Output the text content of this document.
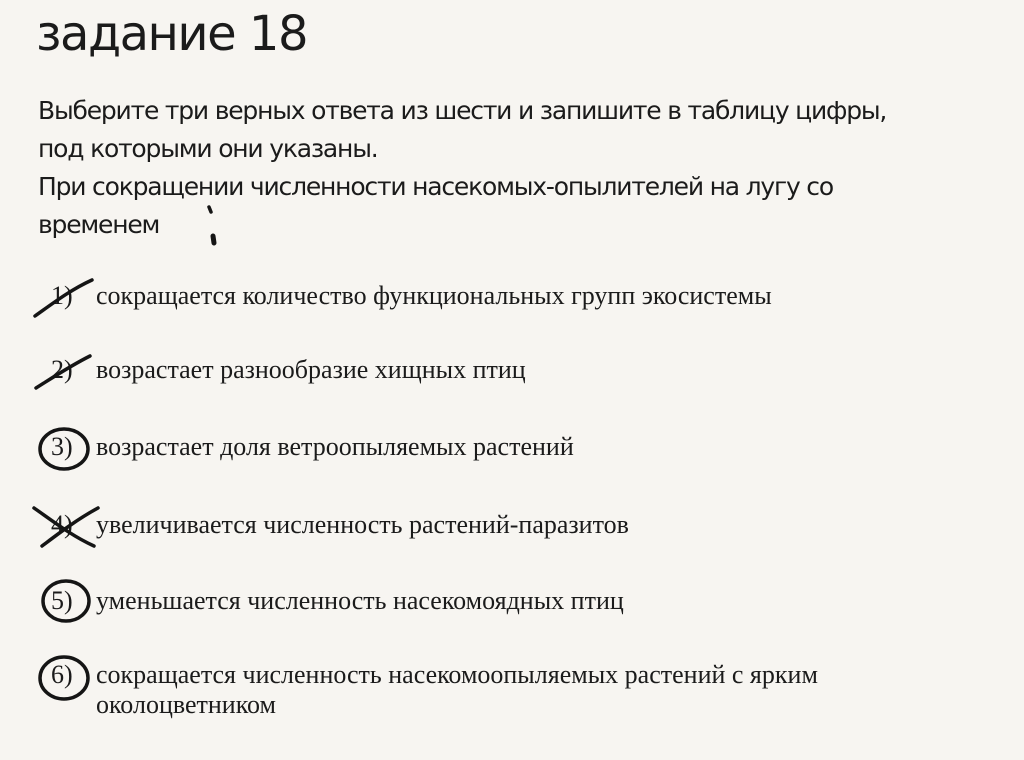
задание 18
Выберите три верных ответа из шести и запишите в таблицу цифры,
под которыми они указаны.
При сокращении численности насекомых-опылителей на лугу со
временем
1) сокращается количество функциональных групп экосистемы
2) возрастает разнообразие хищных птиц
3) возрастает доля ветроопыляемых растений
4) увеличивается численность растений-паразитов
5) уменьшается численность насекомоядных птиц
6) сокращается численность насекомоопыляемых растений с ярким околоцветником
